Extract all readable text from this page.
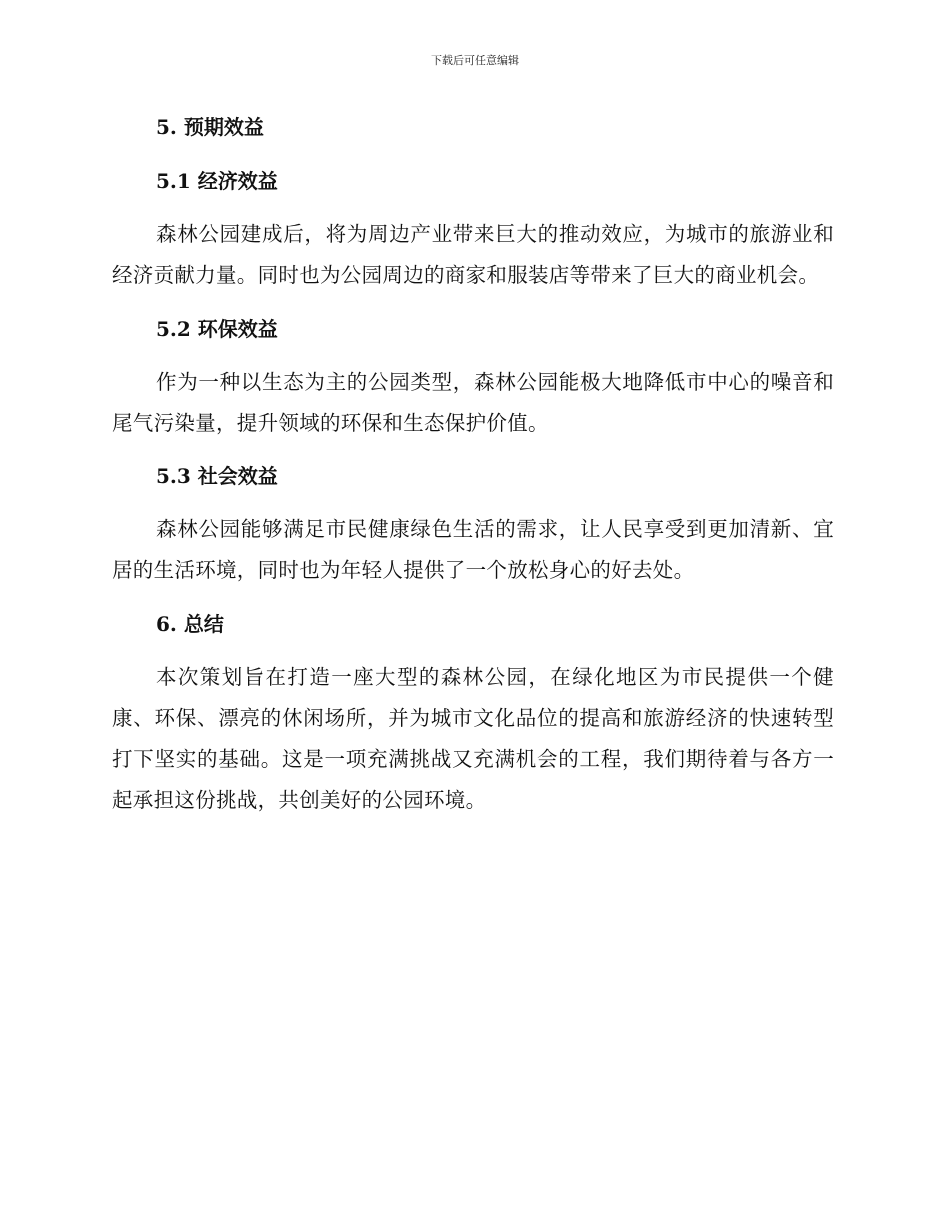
下载后可任意编辑
5. 预期效益
5.1 经济效益

森林公园建成后，将为周边产业带来巨大的推动效应，为城市的旅游业和经济贡献力量。同时也为公园周边的商家和服装店等带来了巨大的商业机会。

5.2 环保效益

作为一种以生态为主的公园类型，森林公园能极大地降低市中心的噪音和尾气污染量，提升领域的环保和生态保护价值。

5.3 社会效益

森林公园能够满足市民健康绿色生活的需求，让人民享受到更加清新、宜居的生活环境，同时也为年轻人提供了一个放松身心的好去处。

6. 总结

本次策划旨在打造一座大型的森林公园，在绿化地区为市民提供一个健康、环保、漂亮的休闲场所，并为城市文化品位的提高和旅游经济的快速转型打下坚实的基础。这是一项充满挑战又充满机会的工程，我们期待着与各方一起承担这份挑战，共创美好的公园环境。
